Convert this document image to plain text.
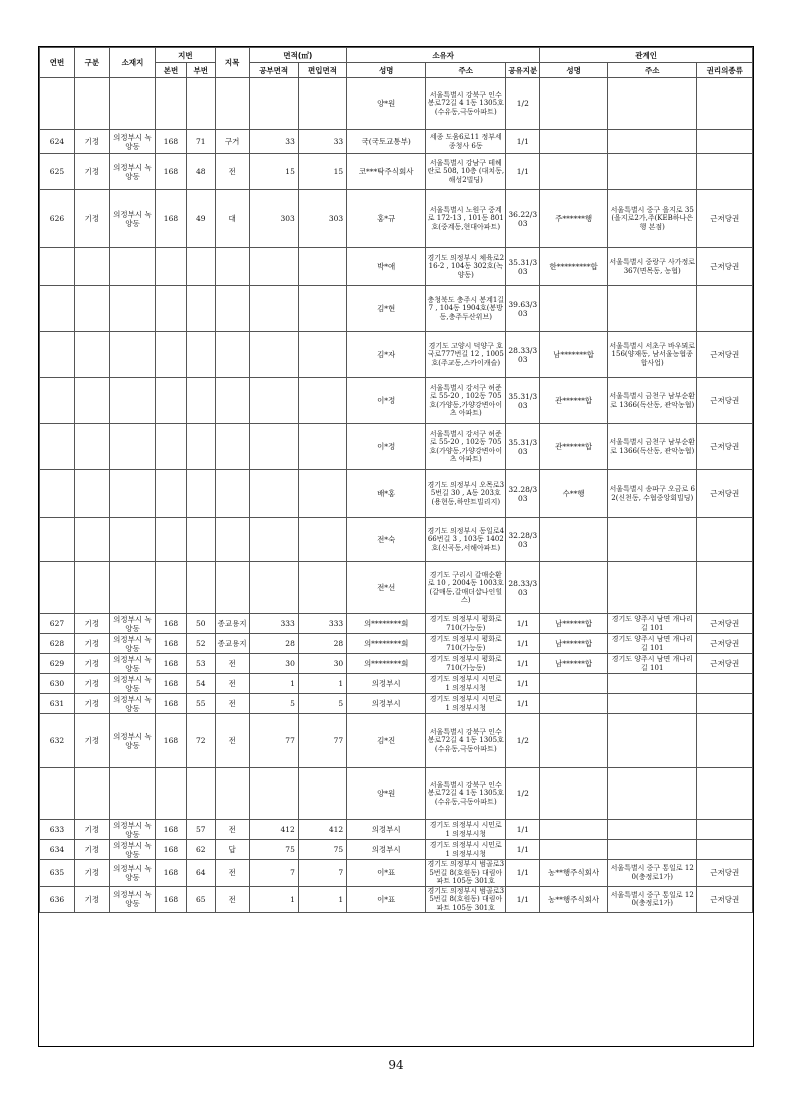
연번	구분	소재지	지번		지목	면적(㎡)		소유자			관계인		
			본번	부번		공부면적	편입면적	성명	주소	공유지분	성명	주소	권리의종류
								양*원	서울특별시 강북구 인수봉로72길 4 1동 1305호(수유동,극동아파트)	1/2			
624	기정	의정부시 녹양동	168	71	구거	33	33	국(국토교통부)	세종 도움6로11 정부세종청사 6동	1/1			
625	기정	의정부시 녹양동	168	48	전	15	15	코***탁주식회사	서울특별시 강남구 테헤란로 508, 10층 (대치동,해성2빌딩)	1/1			
626	기정	의정부시 녹양동	168	49	대	303	303	홍*규	서울특별시 노원구 중계로 172-13 , 101동 801호(중계동,현대아파트)	36.22/303	주******행	서울특별시 중구 을지로 35(을지로2가,주(KEB하나은행 본점)	근저당권
								박*애	경기도 의정부시 체육로216-2 , 104동 302호(녹양동)	35.31/303	한*********합	서울특별시 중랑구 사가정로 367(면목동, 농협)	근저당권
								김*현	충청북도 충주시 봉계1길 7 , 104동 1904호(봉방동,충주두산위브)	39.63/303			
								김*자	경기도 고양시 덕양구 호국로777번길 12 , 1005호(주교동,스카이캐슬)	28.33/303	남*******합	서울특별시 서초구 바우뫼로 156(양재동, 남서울농협종합사업)	근저당권
								이*정	서울특별시 강서구 허준로 55-20 , 102동 705호(가양동,가양강변아이츠 아파트)	35.31/303	관******합	서울특별시 금천구 남부순환로 1366(독산동, 관악농협)	근저당권
								이*정	서울특별시 강서구 허준로 55-20 , 102동 705호(가양동,가양강변아이츠 아파트)	35.31/303	관******합	서울특별시 금천구 남부순환로 1366(독산동, 관악농협)	근저당권
								배*홍	경기도 의정부시 오목로35번길 30 , A동 203호(용현동,하얀트빌리지)	32.28/303	수**행	서울특별시 송파구 오금로 62(신천동, 수협중앙회빌딩)	근저당권
								전*숙	경기도 의정부시 동일로466번길 3 , 103동 1402호(신곡동,서해아파트)	32.28/303			
								전*선	경기도 구리시 갈매순환로 10 , 2004동 1003호(갈매동,갈매더샵나인힐스)	28.33/303			
627	기정	의정부시 녹양동	168	50	종교용지	333	333	의********회	경기도 의정부시 평화로 710(가능동)	1/1	남******합	경기도 양주시 남면 개나리길 101	근저당권
628	기정	의정부시 녹양동	168	52	종교용지	28	28	의********회	경기도 의정부시 평화로 710(가능동)	1/1	남******합	경기도 양주시 남면 개나리길 101	근저당권
629	기정	의정부시 녹양동	168	53	전	30	30	의********회	경기도 의정부시 평화로 710(가능동)	1/1	남******합	경기도 양주시 남면 개나리길 101	근저당권
630	기정	의정부시 녹양동	168	54	전	1	1	의정부시	경기도 의정부시 시민로 1 의정부시청	1/1			
631	기정	의정부시 녹양동	168	55	전	5	5	의정부시	경기도 의정부시 시민로 1 의정부시청	1/1			
632	기정	의정부시 녹양동	168	72	전	77	77	김*진	서울특별시 강북구 인수봉로72길 4 1동 1305호(수유동,극동아파트)	1/2			
								양*원	서울특별시 강북구 인수봉로72길 4 1동 1305호(수유동,극동아파트)	1/2			
633	기정	의정부시 녹양동	168	57	전	412	412	의정부시	경기도 의정부시 시민로 1 의정부시청	1/1			
634	기정	의정부시 녹양동	168	62	답	75	75	의정부시	경기도 의정부시 시민로 1 의정부시청	1/1			
635	기정	의정부시 녹양동	168	64	전	7	7	이*표	경기도 의정부시 범골로35번길 8(호원동) 대림아파트 105동 301호	1/1	농**행주식회사	서울특별시 중구 통일로 120(충정로1가)	근저당권
636	기정	의정부시 녹양동	168	65	전	1	1	이*표	경기도 의정부시 범골로35번길 8(호원동) 대림아파트 105동 301호	1/1	농**행주식회사	서울특별시 중구 통일로 120(충정로1가)	근저당권
94
